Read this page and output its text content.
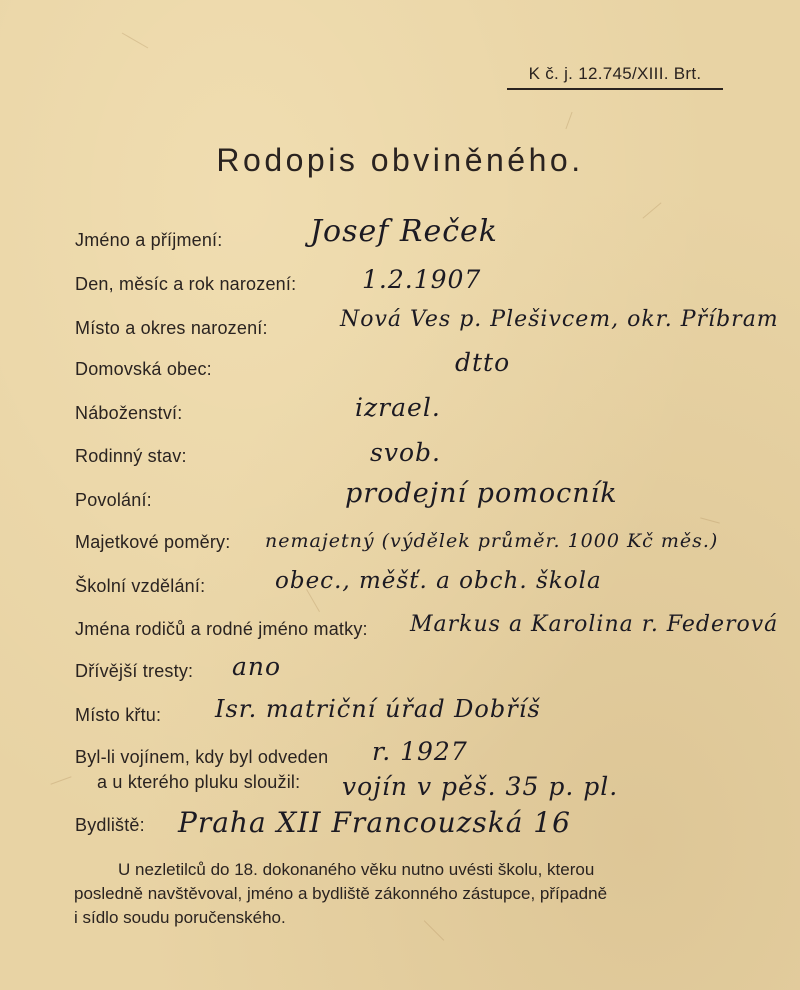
K č. j. 12.745/XIII. Brt.
Rodopis obviněného.
Jméno a příjmení:	Josef Reček
Den, měsíc a rok narození:	1.2.1907
Místo a okres narození:	Nová Ves p. Plešivcem, okr. Příbram
Domovská obec:	dtto
Náboženství:	izrael.
Rodinný stav:	svob.
Povolání:	prodejní pomocník
Majetkové poměry: nemajetný (výdělek průměr. 1000 Kč měs.)
Školní vzdělání:	obec., měšť. a obch. škola
Jména rodičů a rodné jméno matky: Markus a Karolina r. Federová
Dřívější tresty: ano
Místo křtu: Isr. matriční úřad Dobříš
Byl-li vojínem, kdy byl odveden r. 1927
a u kterého pluku sloužil: vojín v pěš. 35 p. pl.
Bydliště: Praha XII Francouzská 16
U nezletilců do 18. dokonaného věku nutno uvésti školu, kterou
posledně navštěvoval, jméno a bydliště zákonného zástupce, případně
i sídlo soudu poručenského.
